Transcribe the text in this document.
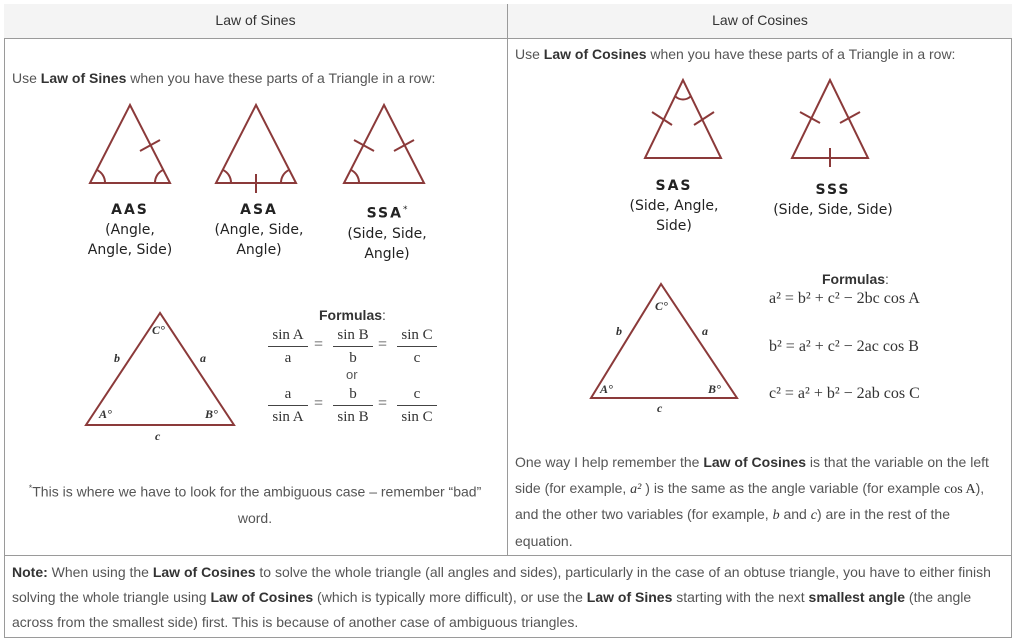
Law of Sines	Law of Cosines
Use Law of Sines when you have these parts of a Triangle in a row:
AAS
(Angle,
Angle, Side)
ASA
(Angle, Side,
Angle)
SSA*
(Side, Side,
Angle)
C°
A°	B°
b	a
c
Formulas:
sin A
a
=
sin B
b
=
sin C
c
or
a
sin A
=
b
sin B
=
c
sin C
*This is where we have to look for the ambiguous case – remember “bad”
word.
Use Law of Cosines when you have these parts of a Triangle in a row:
SAS
(Side, Angle,
Side)
SSS
(Side, Side, Side)
C°
A°	B°
b	a
c
Formulas:
a² = b² + c² − 2bc cos A
b² = a² + c² − 2ac cos B
c² = a² + b² − 2ab cos C
One way I help remember the Law of Cosines is that the variable on the left
side (for example, a² ) is the same as the angle variable (for example cos A),
and the other two variables (for example, b and c) are in the rest of the
equation.
Note: When using the Law of Cosines to solve the whole triangle (all angles and sides), particularly in the case of an obtuse triangle, you have to either finish
solving the whole triangle using Law of Cosines (which is typically more difficult), or use the Law of Sines starting with the next smallest angle (the angle
across from the smallest side) first. This is because of another case of ambiguous triangles.
